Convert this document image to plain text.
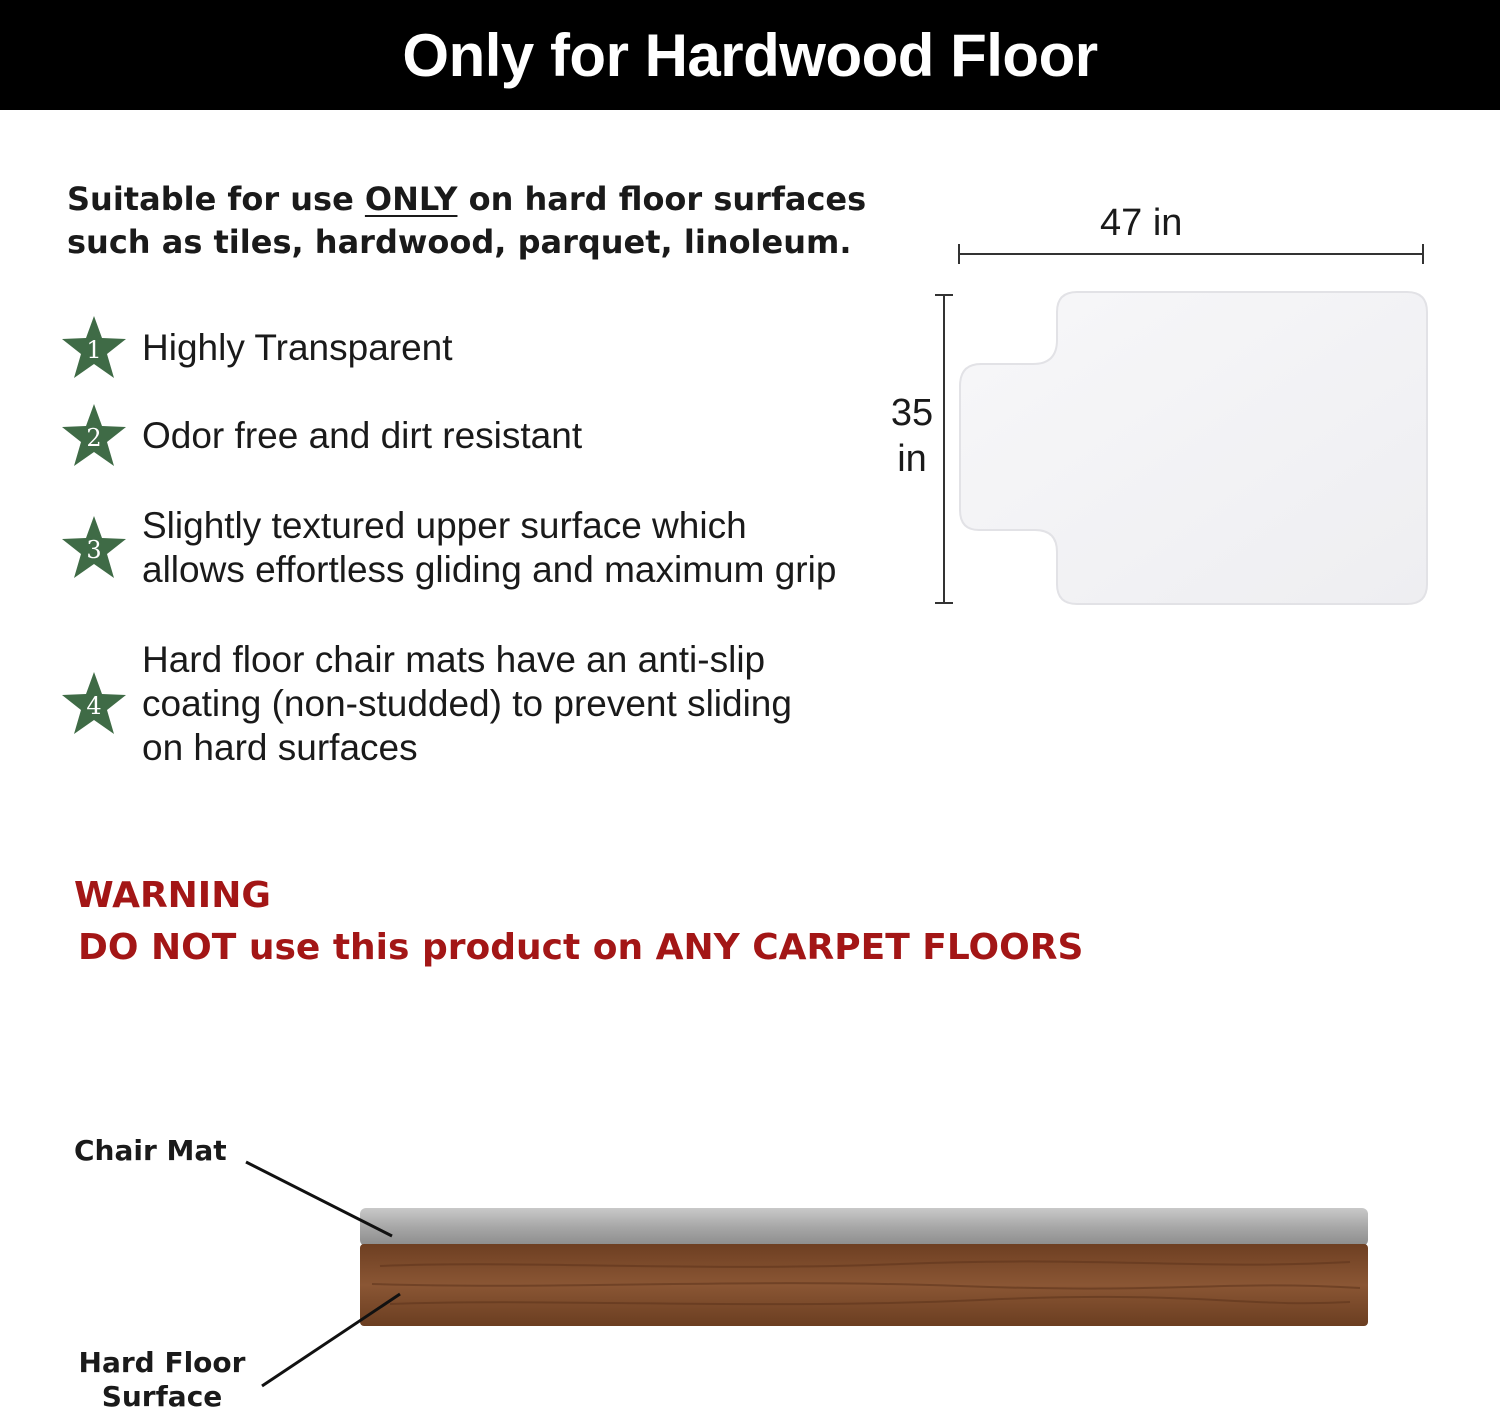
Only for Hardwood Floor
Suitable for use ONLY on hard floor surfaces
such as tiles, hardwood, parquet, linoleum.
1	Highly Transparent
2	Odor free and dirt resistant
3
Slightly textured upper surface which
allows effortless gliding and maximum grip
4
Hard floor chair mats have an anti-slip
coating (non-studded) to prevent sliding
on hard surfaces
47 in
35
in
WARNING
DO NOT use this product on ANY CARPET FLOORS
Chair Mat
Hard Floor
Surface
